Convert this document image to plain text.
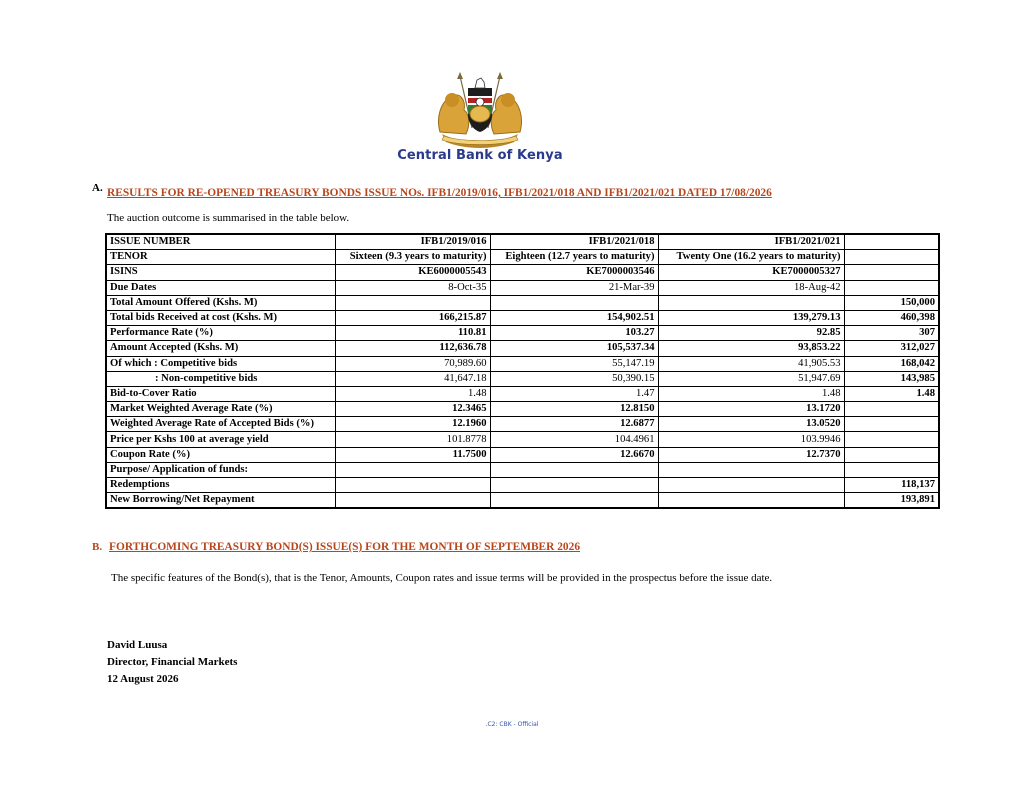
Central Bank of Kenya
A. RESULTS FOR RE-OPENED TREASURY BONDS ISSUE NOs. IFB1/2019/016, IFB1/2021/018 AND IFB1/2021/021 DATED 17/08/2026
The auction outcome is summarised in the table below.
ISSUE NUMBER	IFB1/2019/016	IFB1/2021/018	IFB1/2021/021	
TENOR	Sixteen (9.3 years to maturity)	Eighteen (12.7 years to maturity)	Twenty One (16.2 years to maturity)	
ISINS	KE6000005543	KE7000003546	KE7000005327	
Due Dates	8-Oct-35	21-Mar-39	18-Aug-42	
Total Amount Offered (Kshs. M)				150,000
Total bids Received at cost (Kshs. M)	166,215.87	154,902.51	139,279.13	460,398
Performance Rate (%)	110.81	103.27	92.85	307
Amount Accepted (Kshs. M)	112,636.78	105,537.34	93,853.22	312,027
Of which : Competitive bids	70,989.60	55,147.19	41,905.53	168,042
: Non-competitive bids	41,647.18	50,390.15	51,947.69	143,985
Bid-to-Cover Ratio	1.48	1.47	1.48	1.48
Market Weighted Average Rate (%)	12.3465	12.8150	13.1720	
Weighted Average Rate of Accepted Bids (%)	12.1960	12.6877	13.0520	
Price per Kshs 100 at average yield	101.8778	104.4961	103.9946	
Coupon Rate (%)	11.7500	12.6670	12.7370	
Purpose/ Application of funds:				
Redemptions				118,137
New Borrowing/Net Repayment				193,891
B. FORTHCOMING TREASURY BOND(S) ISSUE(S) FOR THE MONTH OF SEPTEMBER 2026
The specific features of the Bond(s), that is the Tenor, Amounts, Coupon rates and issue terms will be provided in the prospectus before the issue date.
David Luusa
Director, Financial Markets
12 August 2026
.C2: CBK - Official
